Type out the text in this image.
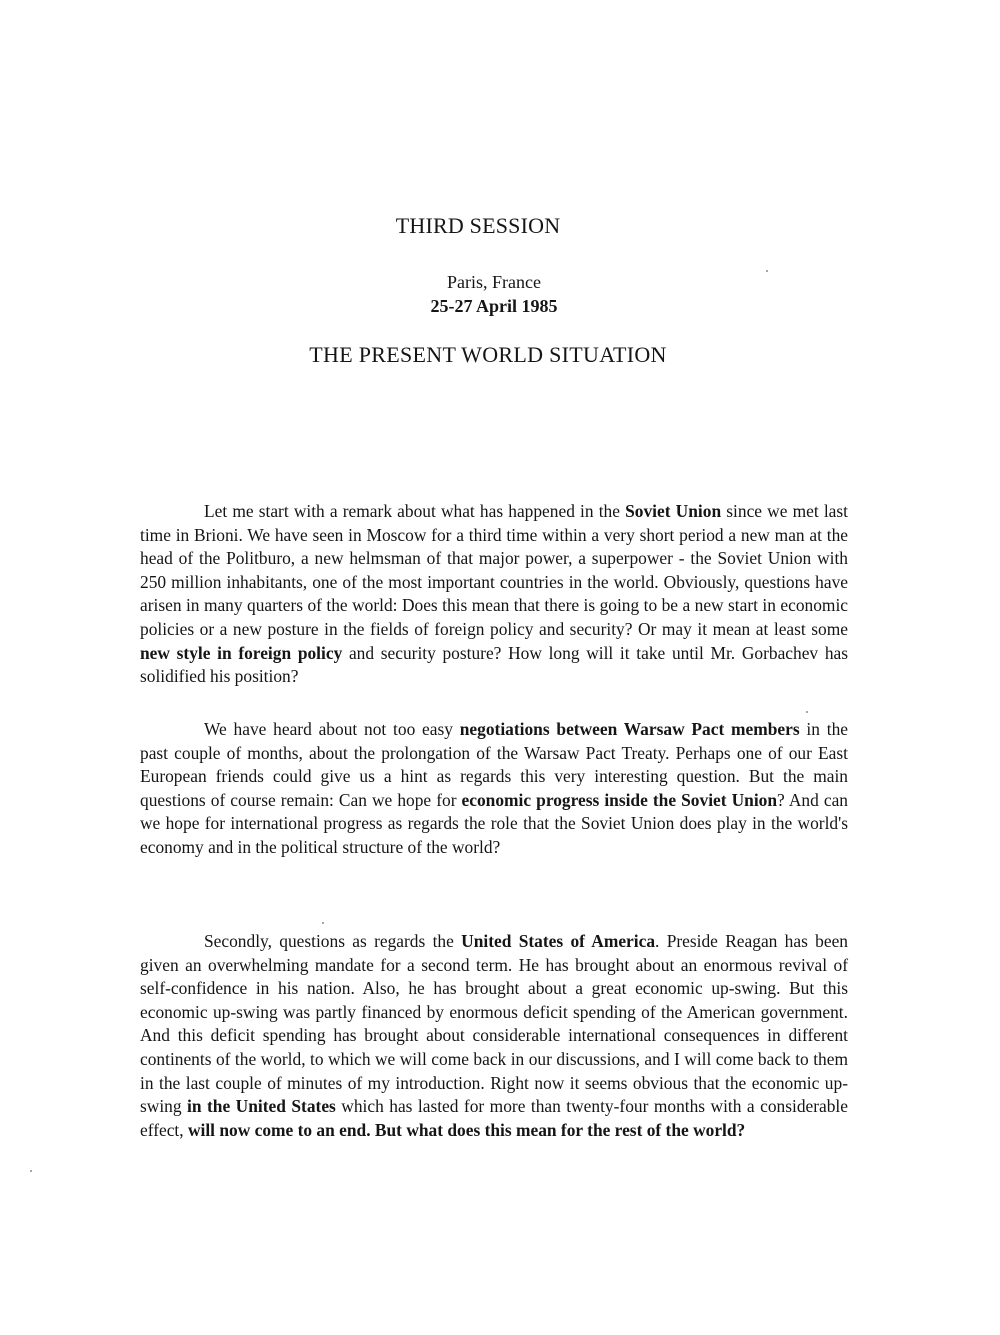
THIRD SESSION
Paris, France
25-27 April 1985
THE PRESENT WORLD SITUATION

Let me start with a remark about what has happened in the Soviet Union since we met last time in Brioni. We have seen in Moscow for a third time within a very short period a new man at the head of the Politburo, a new helmsman of that major power, a superpower - the Soviet Union with 250 million inhabitants, one of the most important countries in the world. Obviously, questions have arisen in many quarters of the world: Does this mean that there is going to be a new start in economic policies or a new posture in the fields of foreign policy and security? Or may it mean at least some new style in foreign policy and security posture? How long will it take until Mr. Gorbachev has solidified his position?

We have heard about not too easy negotiations between Warsaw Pact members in the past couple of months, about the prolongation of the Warsaw Pact Treaty. Perhaps one of our East European friends could give us a hint as regards this very interesting question. But the main questions of course remain: Can we hope for economic progress inside the Soviet Union? And can we hope for international progress as regards the role that the Soviet Union does play in the world's economy and in the political structure of the world?

Secondly, questions as regards the United States of America. Preside Reagan has been given an overwhelming mandate for a second term. He has brought about an enormous revival of self-confidence in his nation. Also, he has brought about a great economic up-swing. But this economic up-swing was partly financed by enormous deficit spending of the American government. And this deficit spending has brought about considerable international consequences in different continents of the world, to which we will come back in our discussions, and I will come back to them in the last couple of minutes of my introduction. Right now it seems obvious that the economic up-swing in the United States which has lasted for more than twenty-four months with a considerable effect, will now come to an end. But what does this mean for the rest of the world?
